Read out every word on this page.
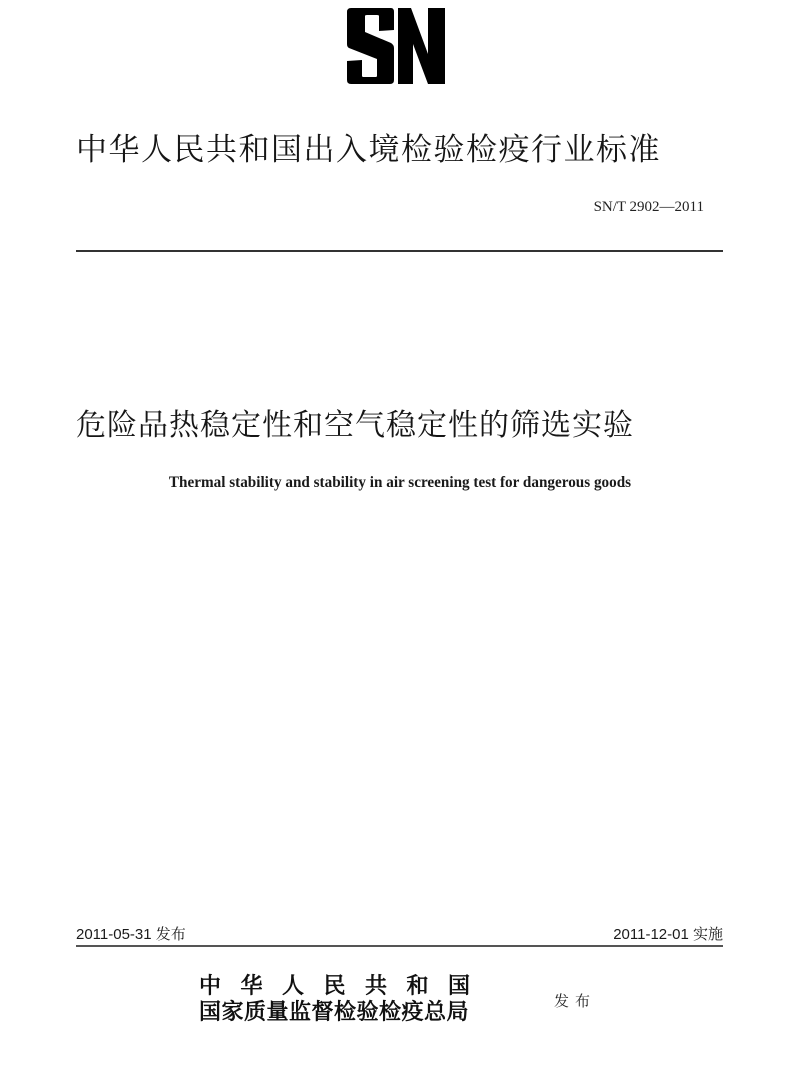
中华人民共和国出入境检验检疫行业标准
SN/T 2902—2011
危险品热稳定性和空气稳定性的筛选实验
Thermal stability and stability in air screening test for dangerous goods
2011-05-31 发布	2011-12-01 实施
中华人民共和国
国家质量监督检验检疫总局	发布
